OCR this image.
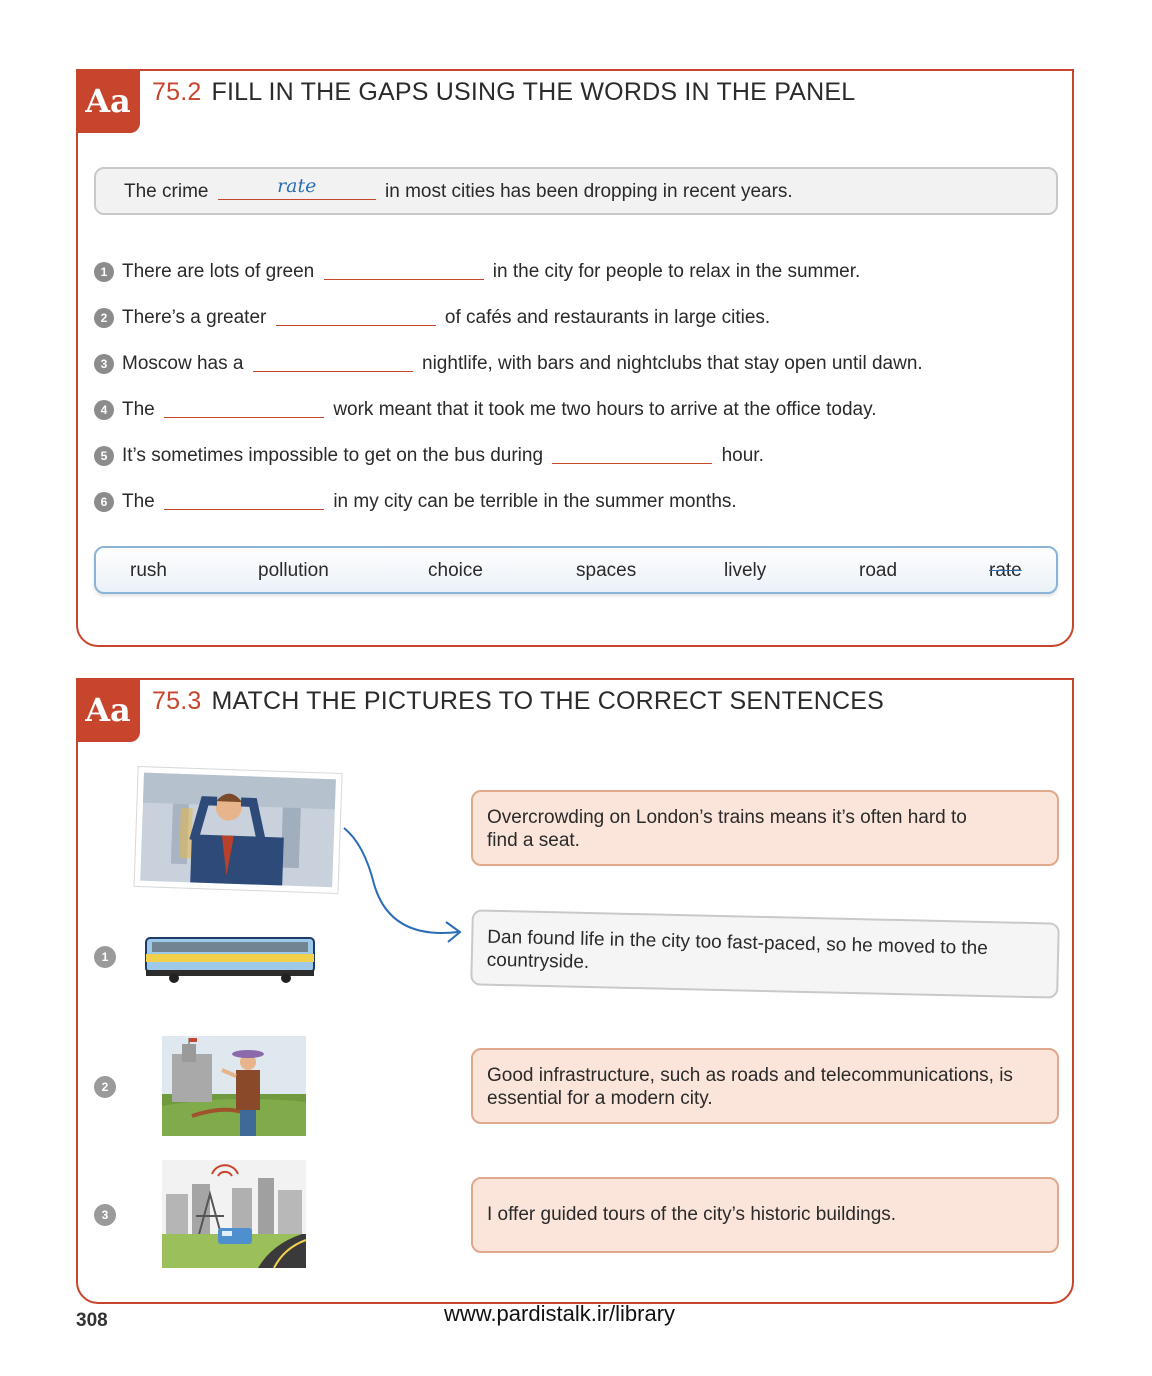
Aa 75.2 FILL IN THE GAPS USING THE WORDS IN THE PANEL
The crime	rate	in most cities has been dropping in recent years.
1 There are lots of green	in the city for people to relax in the summer.
2 There’s a greater	of cafés and restaurants in large cities.
3 Moscow has a	nightlife, with bars and nightclubs that stay open until dawn.
4 The	work meant that it took me two hours to arrive at the office today.
5 It’s sometimes impossible to get on the bus during	hour.
6 The	in my city can be terrible in the summer months.
rush	pollution	choice	spaces	lively	road	rate
Aa 75.3 MATCH THE PICTURES TO THE CORRECT SENTENCES
1
2
3
Overcrowding on London’s trains means it’s often hard to find a seat.
Dan found life in the city too fast-paced, so he moved to the countryside.
Good infrastructure, such as roads and telecommunications, is essential for a modern city.
I offer guided tours of the city’s historic buildings.
308	www.pardistalk.ir/library
